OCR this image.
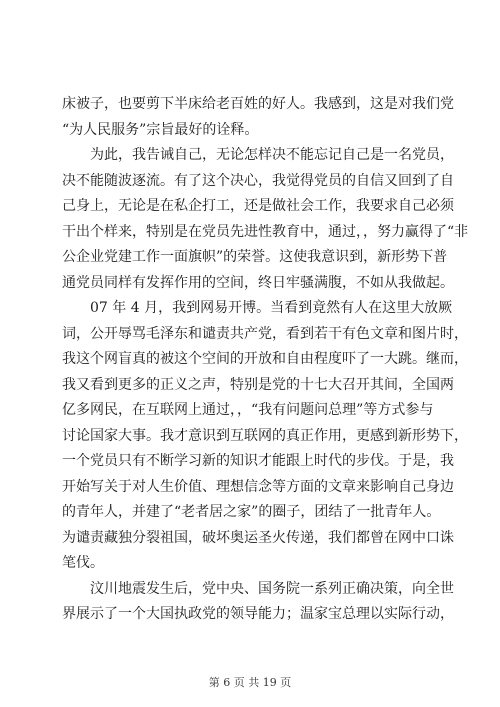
床被子，也要剪下半床给老百姓的好人。我感到，这是对我们党
“为人民服务”宗旨最好的诠释。
为此，我告诫自己，无论怎样决不能忘记自己是一名党员，
决不能随波逐流。有了这个决心，我觉得党员的自信又回到了自
己身上，无论是在私企打工，还是做社会工作，我要求自己必须
干出个样来，特别是在党员先进性教育中，通过，，努力赢得了“非
公企业党建工作一面旗帜”的荣誉。这使我意识到，新形势下普
通党员同样有发挥作用的空间，终日牢骚满腹，不如从我做起。
07 年 4 月，我到网易开博。当看到竟然有人在这里大放厥
词，公开辱骂毛泽东和谴责共产党，看到若干有色文章和图片时，
我这个网盲真的被这个空间的开放和自由程度吓了一大跳。继而，
我又看到更多的正义之声，特别是党的十七大召开其间，全国两
亿多网民，在互联网上通过，，“我有问题问总理”等方式参与
讨论国家大事。我才意识到互联网的真正作用，更感到新形势下，
一个党员只有不断学习新的知识才能跟上时代的步伐。于是，我
开始写关于对人生价值、理想信念等方面的文章来影响自己身边
的青年人，并建了“老者居之家”的圈子，团结了一批青年人。
为谴责藏独分裂祖国，破坏奥运圣火传递，我们都曾在网中口诛
笔伐。
汶川地震发生后，党中央、国务院一系列正确决策，向全世
界展示了一个大国执政党的领导能力；温家宝总理以实际行动，
第 6 页 共 19 页
